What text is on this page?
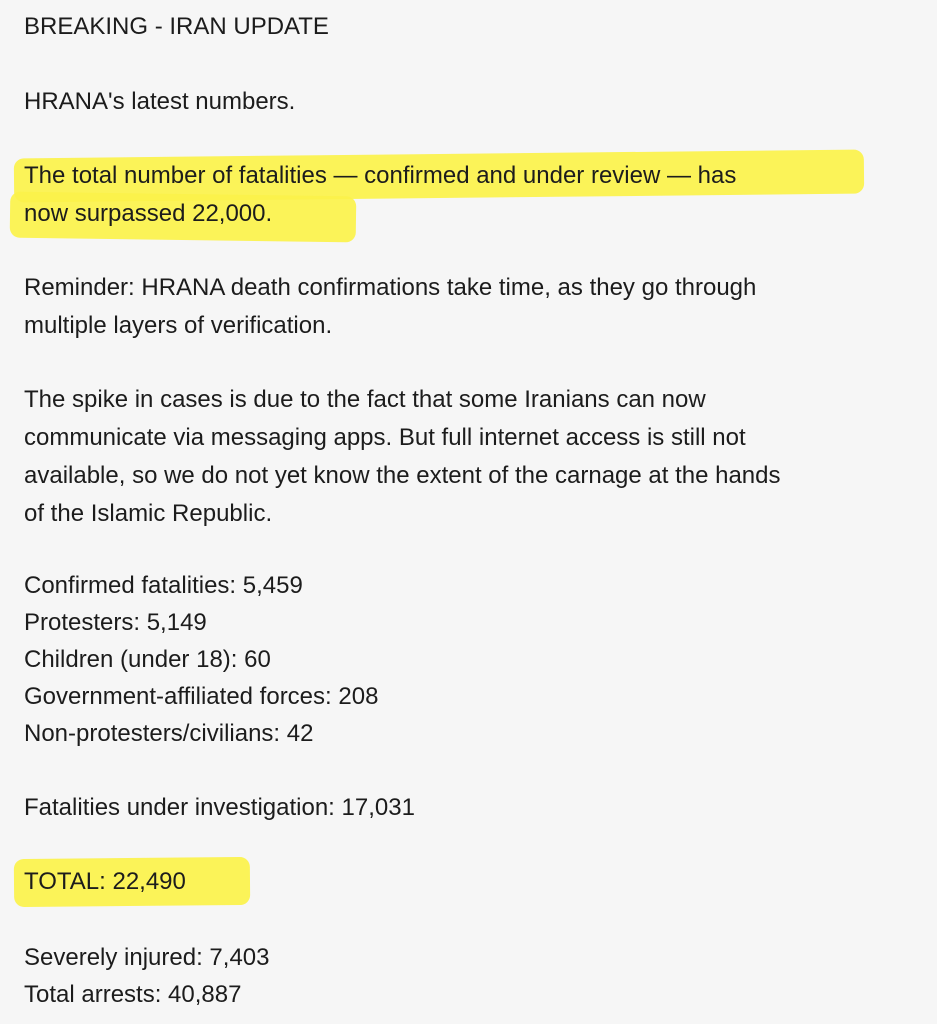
BREAKING - IRAN UPDATE
HRANA's latest numbers.
The total number of fatalities — confirmed and under review — has
now surpassed 22,000.
Reminder: HRANA death confirmations take time, as they go through
multiple layers of verification.
The spike in cases is due to the fact that some Iranians can now
communicate via messaging apps. But full internet access is still not
available, so we do not yet know the extent of the carnage at the hands
of the Islamic Republic.
Confirmed fatalities: 5,459
Protesters: 5,149
Children (under 18): 60
Government-affiliated forces: 208
Non-protesters/civilians: 42
Fatalities under investigation: 17,031
TOTAL: 22,490
Severely injured: 7,403
Total arrests: 40,887
